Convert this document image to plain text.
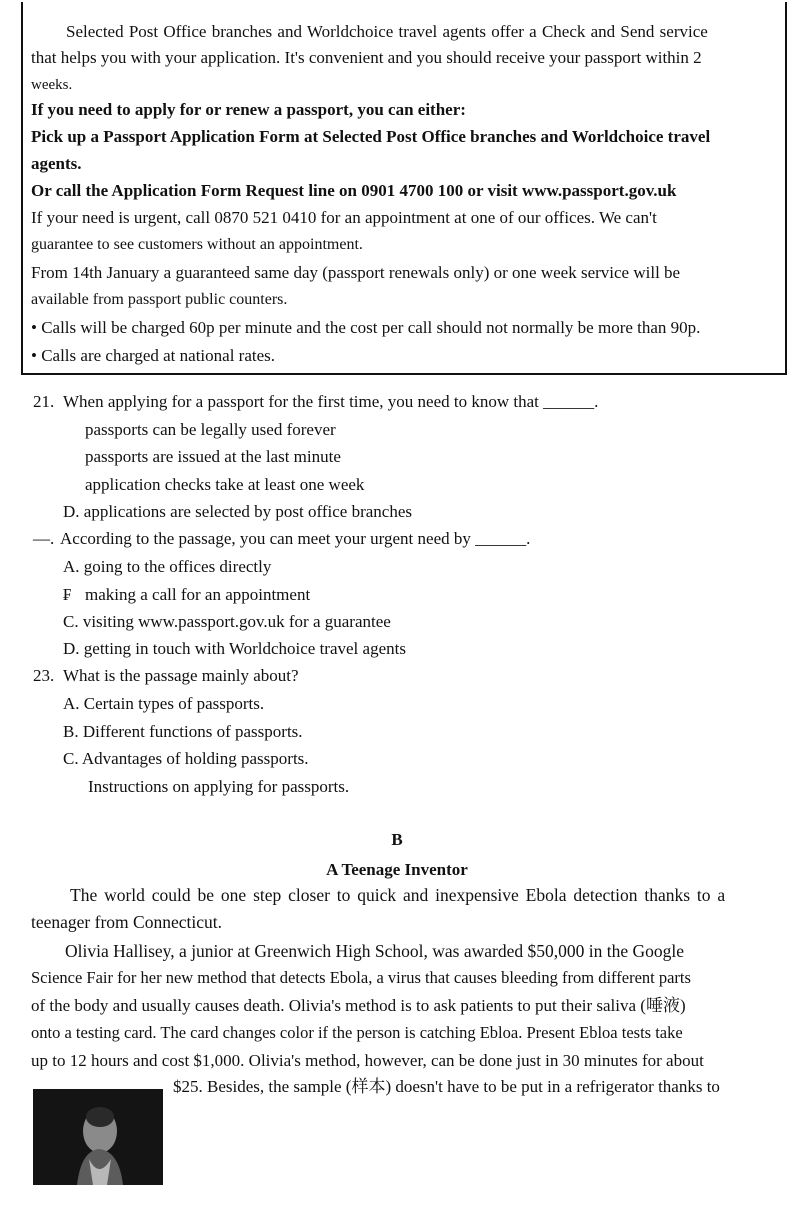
Selected Post Office branches and Worldchoice travel agents offer a Check and Send service
that helps you with your application. It's convenient and you should receive your passport within 2
weeks.
If you need to apply for or renew a passport, you can either:
Pick up a Passport Application Form at Selected Post Office branches and Worldchoice travel
agents.
Or call the Application Form Request line on 0901 4700 100 or visit www.passport.gov.uk
If your need is urgent, call 0870 521 0410 for an appointment at one of our offices. We can't
guarantee to see customers without an appointment.
From 14th January a guaranteed same day (passport renewals only) or one week service will be
available from passport public counters.
• Calls will be charged 60p per minute and the cost per call should not normally be more than 90p.
• Calls are charged at national rates.
21. When applying for a passport for the first time, you need to know that ______.
passports can be legally used forever
passports are issued at the last minute
application checks take at least one week
D. applications are selected by post office branches
—. According to the passage, you can meet your urgent need by ______.
A. going to the offices directly
₣ making a call for an appointment
C. visiting www.passport.gov.uk for a guarantee
D. getting in touch with Worldchoice travel agents
23. What is the passage mainly about?
A. Certain types of passports.
B. Different functions of passports.
C. Advantages of holding passports.
Instructions on applying for passports.
B
A Teenage Inventor
The world could be one step closer to quick and inexpensive Ebola detection thanks to a
teenager from Connecticut.
Olivia Hallisey, a junior at Greenwich High School, was awarded $50,000 in the Google
Science Fair for her new method that detects Ebola, a virus that causes bleeding from different parts
of the body and usually causes death. Olivia's method is to ask patients to put their saliva (唾液)
onto a testing card. The card changes color if the person is catching Ebloa. Present Ebloa tests take
up to 12 hours and cost $1,000. Olivia's method, however, can be done just in 30 minutes for about
$25. Besides, the sample (样本) doesn't have to be put in a refrigerator thanks to
